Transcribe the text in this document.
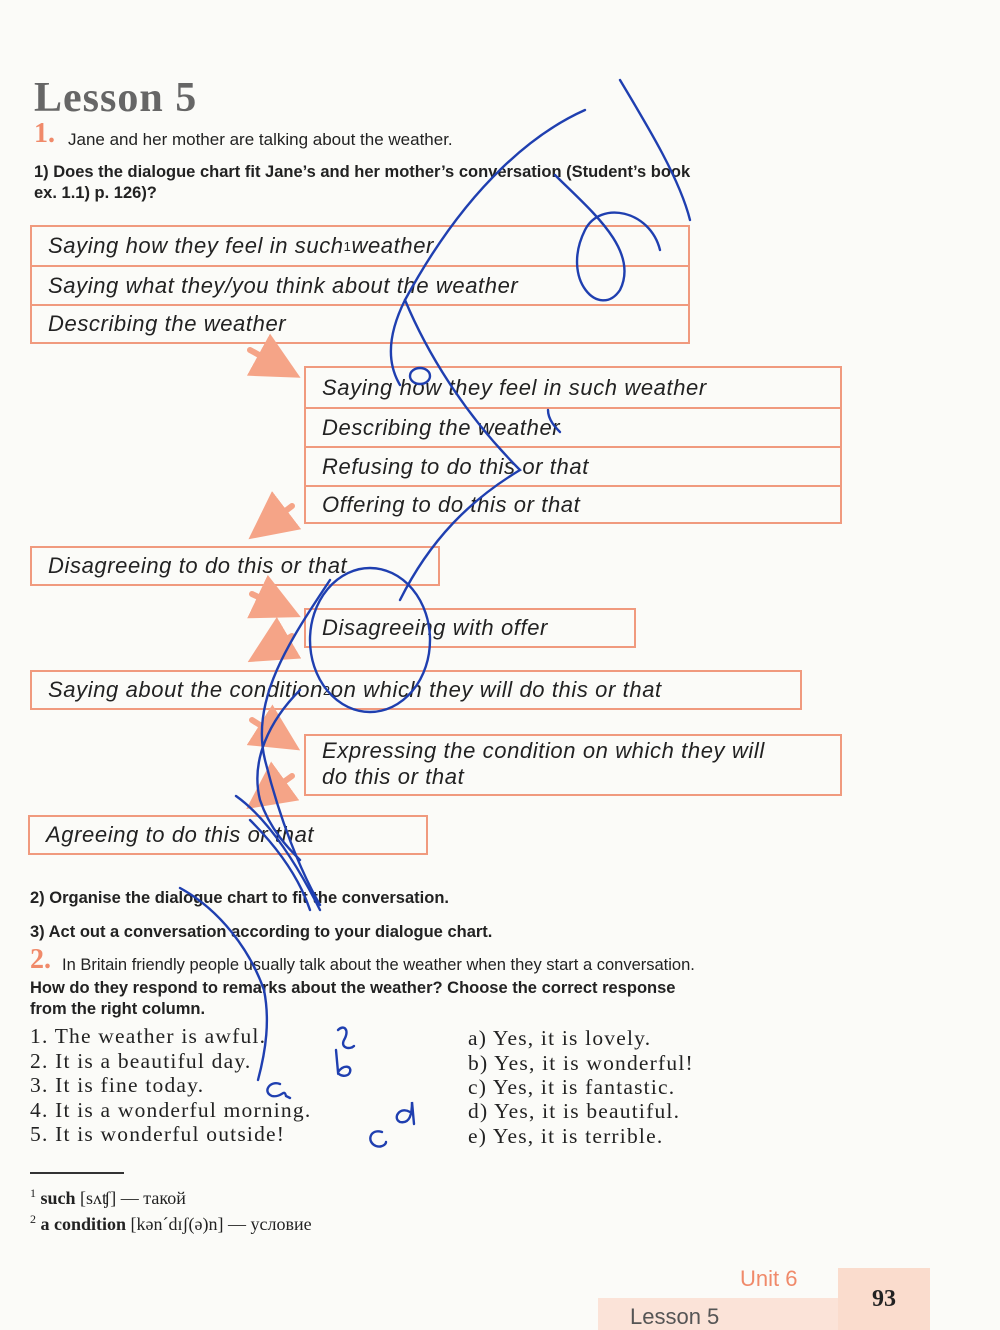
Lesson 5
1. Jane and her mother are talking about the weather.
1) Does the dialogue chart fit Jane’s and her mother’s conversation (Student’s book
ex. 1.1) p. 126)?
Saying how they feel in such 1 weather
Saying what they/you think about the weather
Describing the weather
Saying how they feel in such weather
Describing the weather
Refusing to do this or that
Offering to do this or that
Disagreeing to do this or that
Disagreeing with offer
Saying about the condition 2 on which they will do this or that
Expressing the condition on which they will
do this or that
Agreeing to do this or that
2) Organise the dialogue chart to fit the conversation.
3) Act out a conversation according to your dialogue chart.
2. In Britain friendly people usually talk about the weather when they start a conversation.
How do they respond to remarks about the weather? Choose the correct response
from the right column.
1. The weather is awful.
2. It is a beautiful day.
3. It is fine today.
4. It is a wonderful morning.
5. It is wonderful outside!
a) Yes, it is lovely.
b) Yes, it is wonderful!
c) Yes, it is fantastic.
d) Yes, it is beautiful.
e) Yes, it is terrible.
$^1$ such [sʌʧ] — такой
$^2$ a condition [kən´dɪʃ(ə)n] — условие
Unit 6
Lesson 5
93
